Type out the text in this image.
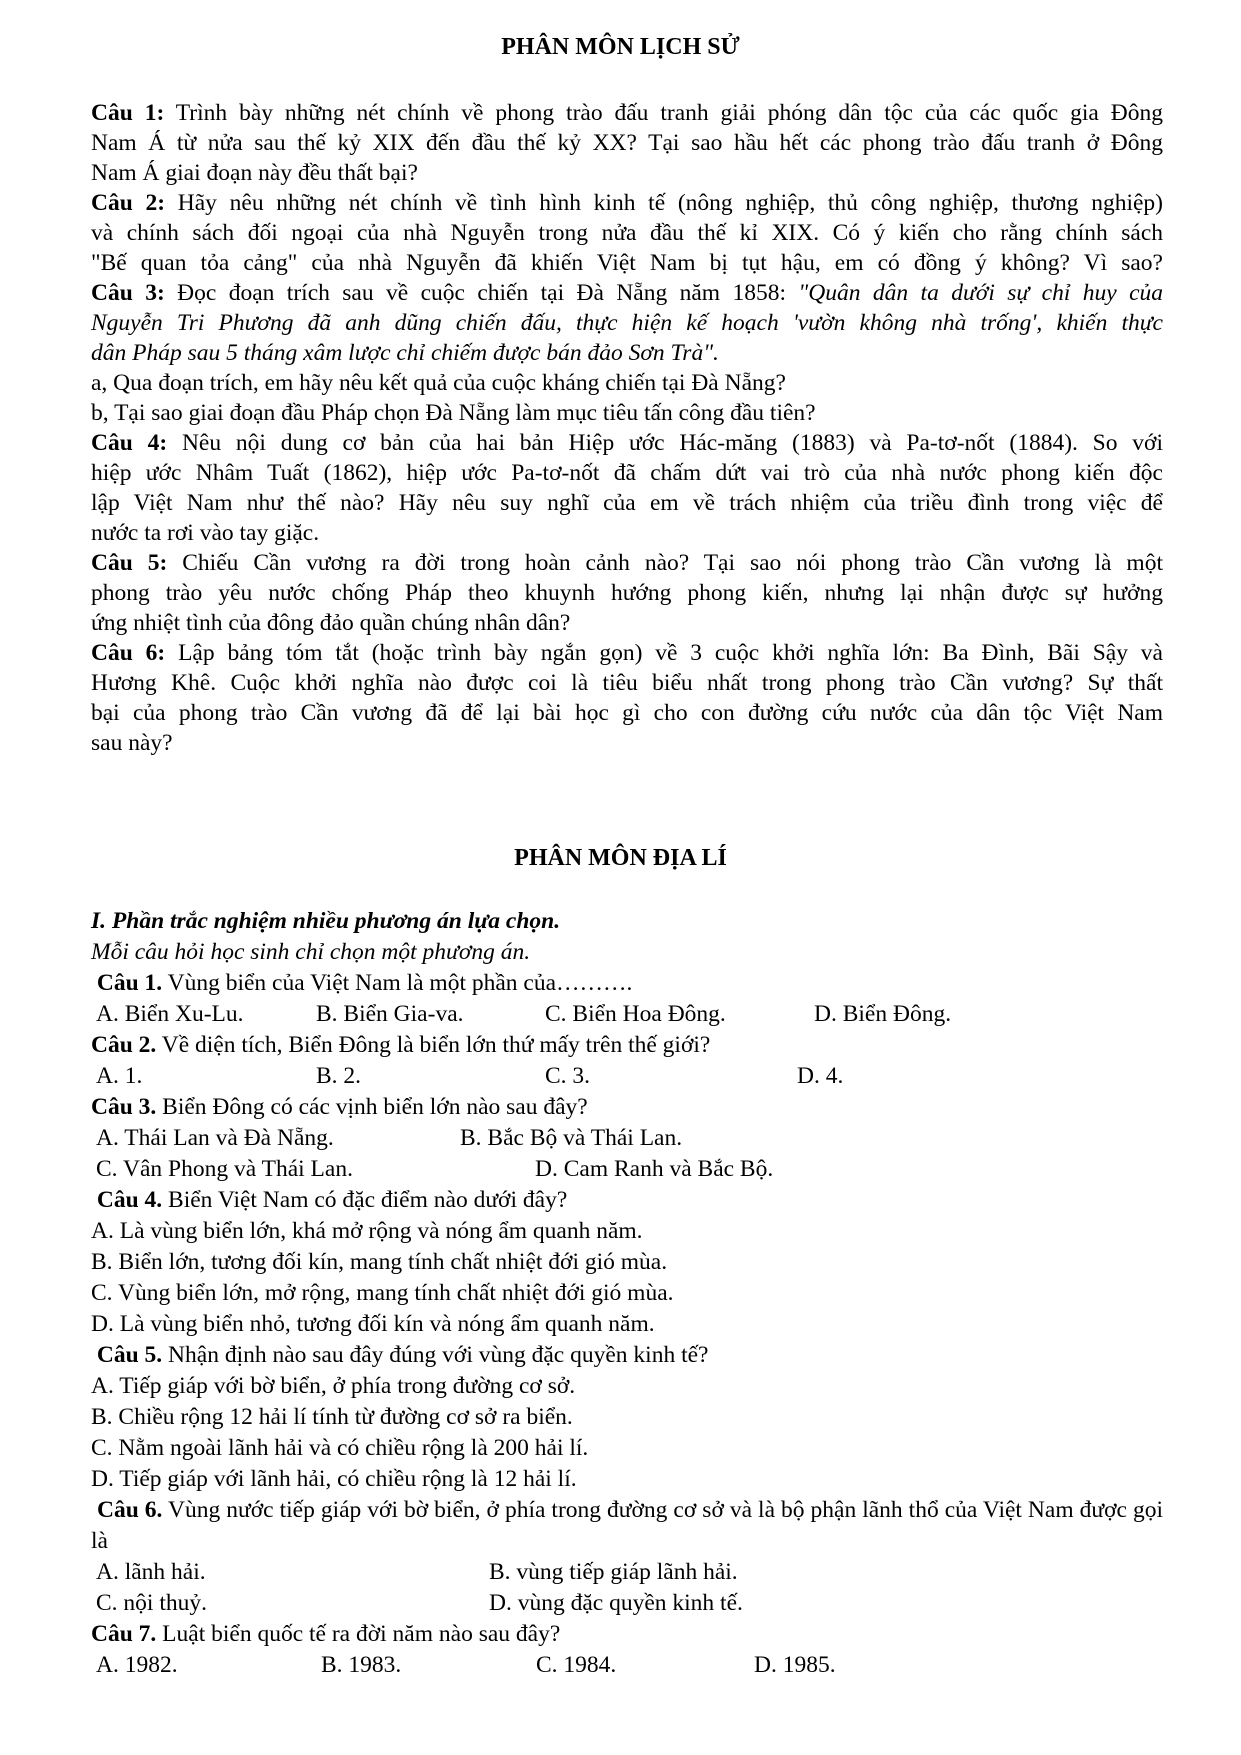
PHÂN MÔN LỊCH SỬ

Câu 1: Trình bày những nét chính về phong trào đấu tranh giải phóng dân tộc của các quốc gia Đông

Nam Á từ nửa sau thế kỷ XIX đến đầu thế kỷ XX? Tại sao hầu hết các phong trào đấu tranh ở Đông

Nam Á giai đoạn này đều thất bại?

Câu 2: Hãy nêu những nét chính về tình hình kinh tế (nông nghiệp, thủ công nghiệp, thương nghiệp)

và chính sách đối ngoại của nhà Nguyễn trong nửa đầu thế kỉ XIX. Có ý kiến cho rằng chính sách

"Bế quan tỏa cảng" của nhà Nguyễn đã khiến Việt Nam bị tụt hậu, em có đồng ý không? Vì sao?

Câu 3: Đọc đoạn trích sau về cuộc chiến tại Đà Nẵng năm 1858: "Quân dân ta dưới sự chỉ huy của

Nguyễn Tri Phương đã anh dũng chiến đấu, thực hiện kế hoạch 'vườn không nhà trống', khiến thực

dân Pháp sau 5 tháng xâm lược chỉ chiếm được bán đảo Sơn Trà".

a, Qua đoạn trích, em hãy nêu kết quả của cuộc kháng chiến tại Đà Nẵng?

b, Tại sao giai đoạn đầu Pháp chọn Đà Nẵng làm mục tiêu tấn công đầu tiên?

Câu 4: Nêu nội dung cơ bản của hai bản Hiệp ước Hác-măng (1883) và Pa-tơ-nốt (1884). So với

hiệp ước Nhâm Tuất (1862), hiệp ước Pa-tơ-nốt đã chấm dứt vai trò của nhà nước phong kiến độc

lập Việt Nam như thế nào? Hãy nêu suy nghĩ của em về trách nhiệm của triều đình trong việc để

nước ta rơi vào tay giặc.

Câu 5: Chiếu Cần vương ra đời trong hoàn cảnh nào? Tại sao nói phong trào Cần vương là một

phong trào yêu nước chống Pháp theo khuynh hướng phong kiến, nhưng lại nhận được sự hưởng

ứng nhiệt tình của đông đảo quần chúng nhân dân?

Câu 6: Lập bảng tóm tắt (hoặc trình bày ngắn gọn) về 3 cuộc khởi nghĩa lớn: Ba Đình, Bãi Sậy và

Hương Khê. Cuộc khởi nghĩa nào được coi là tiêu biểu nhất trong phong trào Cần vương? Sự thất

bại của phong trào Cần vương đã để lại bài học gì cho con đường cứu nước của dân tộc Việt Nam

sau này?

PHÂN MÔN ĐỊA LÍ

I. Phần trắc nghiệm nhiều phương án lựa chọn.

Mỗi câu hỏi học sinh chỉ chọn một phương án.

Câu 1. Vùng biển của Việt Nam là một phần của……….

A. Biển Xu-Lu.	B. Biển Gia-va.	C. Biển Hoa Đông.	D. Biển Đông.

Câu 2. Về diện tích, Biển Đông là biển lớn thứ mấy trên thế giới?

A. 1.	B. 2.	C. 3.	D. 4.

Câu 3. Biển Đông có các vịnh biển lớn nào sau đây?

A. Thái Lan và Đà Nẵng.	B. Bắc Bộ và Thái Lan.
C. Vân Phong và Thái Lan.	D. Cam Ranh và Bắc Bộ.

Câu 4. Biển Việt Nam có đặc điểm nào dưới đây?

A. Là vùng biển lớn, khá mở rộng và nóng ẩm quanh năm.

B. Biển lớn, tương đối kín, mang tính chất nhiệt đới gió mùa.

C. Vùng biển lớn, mở rộng, mang tính chất nhiệt đới gió mùa.

D. Là vùng biển nhỏ, tương đối kín và nóng ẩm quanh năm.

Câu 5. Nhận định nào sau đây đúng với vùng đặc quyền kinh tế?

A. Tiếp giáp với bờ biển, ở phía trong đường cơ sở.

B. Chiều rộng 12 hải lí tính từ đường cơ sở ra biển.

C. Nằm ngoài lãnh hải và có chiều rộng là 200 hải lí.

D. Tiếp giáp với lãnh hải, có chiều rộng là 12 hải lí.

Câu 6. Vùng nước tiếp giáp với bờ biển, ở phía trong đường cơ sở và là bộ phận lãnh thổ của Việt Nam được gọi là

A. lãnh hải.	B. vùng tiếp giáp lãnh hải.
C. nội thuỷ.	D. vùng đặc quyền kinh tế.

Câu 7. Luật biển quốc tế ra đời năm nào sau đây?

A. 1982.	B. 1983.	C. 1984.	D. 1985.
